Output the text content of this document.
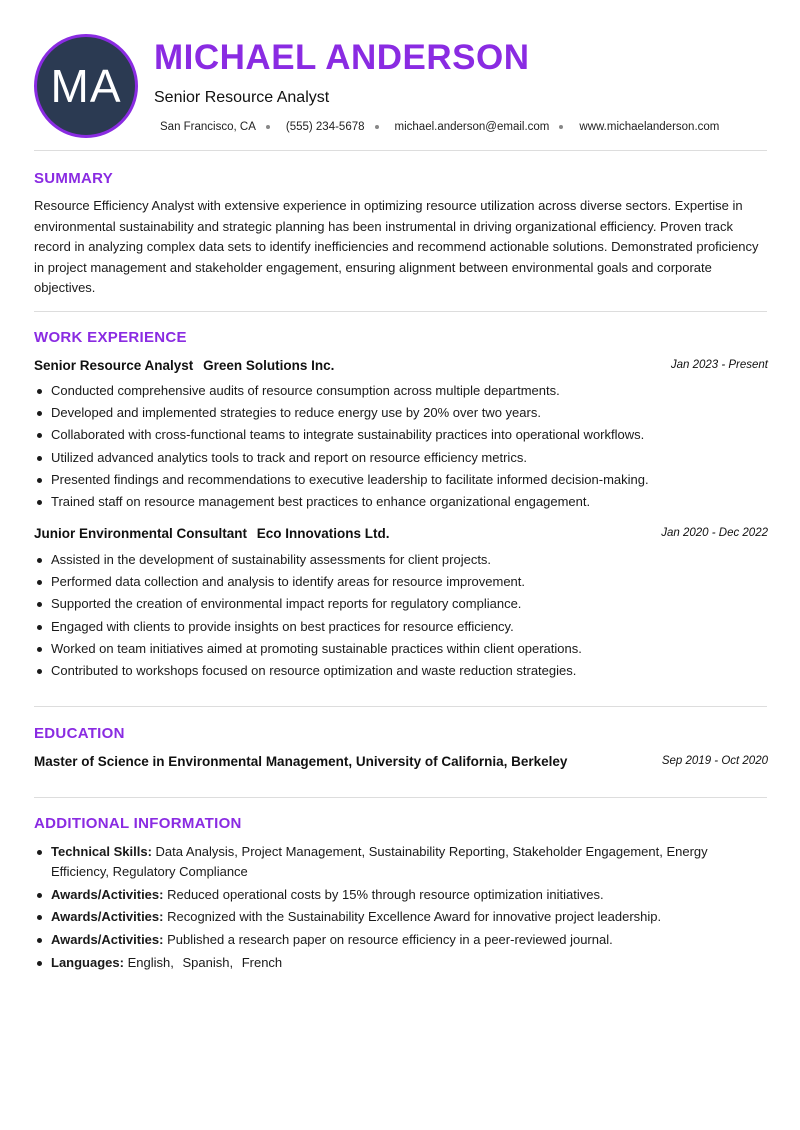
MA
MICHAEL ANDERSON
Senior Resource Analyst
San Francisco, CA	(555) 234-5678	michael.anderson@email.com	www.michaelanderson.com
SUMMARY
Resource Efficiency Analyst with extensive experience in optimizing resource utilization across diverse sectors. Expertise in environmental sustainability and strategic planning has been instrumental in driving organizational efficiency. Proven track record in analyzing complex data sets to identify inefficiencies and recommend actionable solutions. Demonstrated proficiency in project management and stakeholder engagement, ensuring alignment between environmental goals and corporate objectives.
WORK EXPERIENCE
Senior Resource Analyst Green Solutions Inc.	Jan 2023 - Present
Conducted comprehensive audits of resource consumption across multiple departments.
Developed and implemented strategies to reduce energy use by 20% over two years.
Collaborated with cross-functional teams to integrate sustainability practices into operational workflows.
Utilized advanced analytics tools to track and report on resource efficiency metrics.
Presented findings and recommendations to executive leadership to facilitate informed decision-making.
Trained staff on resource management best practices to enhance organizational engagement.
Junior Environmental Consultant Eco Innovations Ltd.	Jan 2020 - Dec 2022
Assisted in the development of sustainability assessments for client projects.
Performed data collection and analysis to identify areas for resource improvement.
Supported the creation of environmental impact reports for regulatory compliance.
Engaged with clients to provide insights on best practices for resource efficiency.
Worked on team initiatives aimed at promoting sustainable practices within client operations.
Contributed to workshops focused on resource optimization and waste reduction strategies.
EDUCATION
Master of Science in Environmental Management, University of California, Berkeley	Sep 2019 - Oct 2020
ADDITIONAL INFORMATION
Technical Skills: Data Analysis, Project Management, Sustainability Reporting, Stakeholder Engagement, Energy Efficiency, Regulatory Compliance
Awards/Activities: Reduced operational costs by 15% through resource optimization initiatives.
Awards/Activities: Recognized with the Sustainability Excellence Award for innovative project leadership.
Awards/Activities: Published a research paper on resource efficiency in a peer-reviewed journal.
Languages: English, Spanish, French
